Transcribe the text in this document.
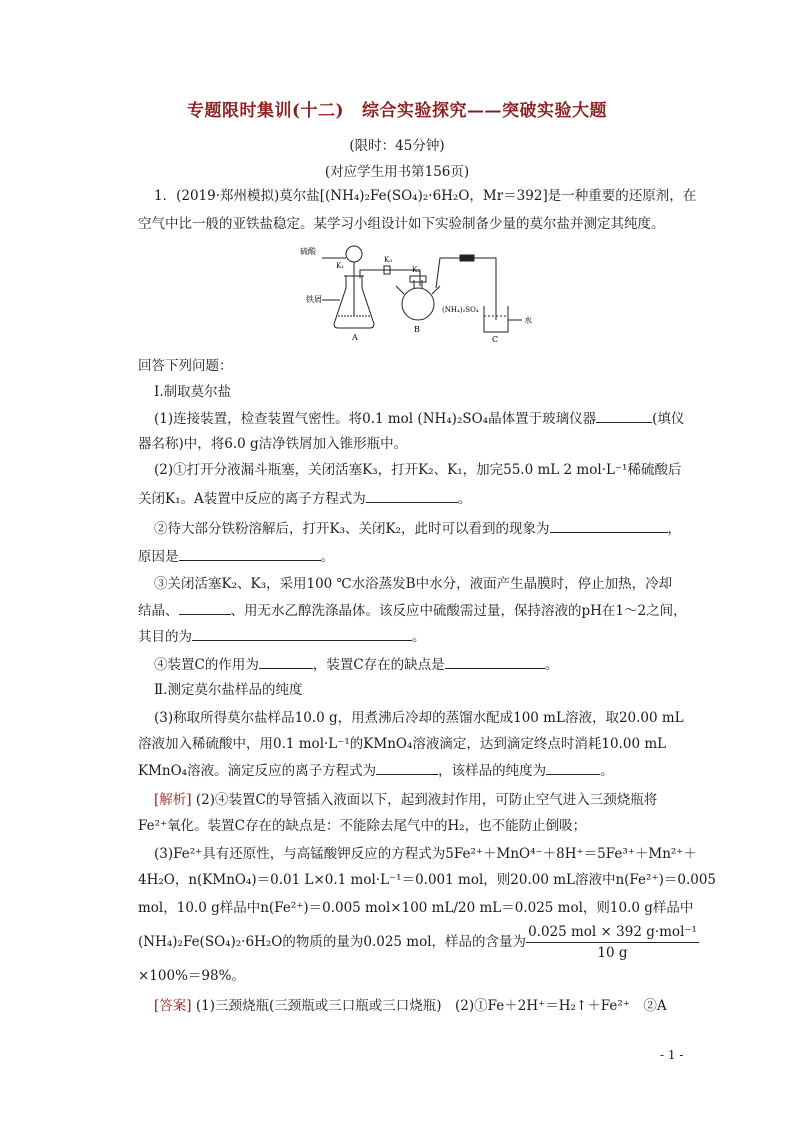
专题限时集训(十二) 综合实验探究——突破实验大题
(限时：45分钟)
(对应学生用书第156页)
1．(2019·郑州模拟)莫尔盐[(NH₄)₂Fe(SO₄)₂·6H₂O，Mr＝392]是一种重要的还原剂，在
空气中比一般的亚铁盐稳定。某学习小组设计如下实验制备少量的莫尔盐并测定其纯度。
硫酸
K₁
K₃
K₂
铁屑
(NH₄)₂SO₄
水
A
B
C
回答下列问题：
Ⅰ.制取莫尔盐
(1)连接装置，检查装置气密性。将0.1 mol (NH₄)₂SO₄晶体置于玻璃仪器	(填仪
器名称)中，将6.0 g洁净铁屑加入锥形瓶中。
(2)①打开分液漏斗瓶塞，关闭活塞K₃，打开K₂、K₁，加完55.0 mL 2 mol·L⁻¹稀硫酸后
关闭K₁。A装置中反应的离子方程式为	。
②待大部分铁粉溶解后，打开K₃、关闭K₂，此时可以看到的现象为	，
原因是	。
③关闭活塞K₂、K₃，采用100 ℃水浴蒸发B中水分，液面产生晶膜时，停止加热，冷却
结晶、	、用无水乙醇洗涤晶体。该反应中硫酸需过量，保持溶液的pH在1～2之间，
其目的为	。
④装置C的作用为	，装置C存在的缺点是	。
Ⅱ.测定莫尔盐样品的纯度
(3)称取所得莫尔盐样品10.0 g，用煮沸后冷却的蒸馏水配成100 mL溶液，取20.00 mL
溶液加入稀硫酸中，用0.1 mol·L⁻¹的KMnO₄溶液滴定，达到滴定终点时消耗10.00 mL
KMnO₄溶液。滴定反应的离子方程式为	，该样品的纯度为	。
[解析] (2)④装置C的导管插入液面以下，起到液封作用，可防止空气进入三颈烧瓶将
Fe²⁺氧化。装置C存在的缺点是：不能除去尾气中的H₂，也不能防止倒吸；
(3)Fe²⁺具有还原性，与高锰酸钾反应的方程式为5Fe²⁺＋MnO⁴⁻＋8H⁺＝5Fe³⁺＋Mn²⁺＋
4H₂O，n(KMnO₄)＝0.01 L×0.1 mol·L⁻¹＝0.001 mol，则20.00 mL溶液中n(Fe²⁺)＝0.005
mol，10.0 g样品中n(Fe²⁺)＝0.005 mol×100 mL/20 mL＝0.025 mol，则10.0 g样品中
(NH₄)₂Fe(SO₄)₂·6H₂O的物质的量为0.025 mol，样品的含量为 $\frac{\text{0.025 mol × 392 g·mol⁻¹}}{10 g}$
×100%＝98%。
[答案] (1)三颈烧瓶(三颈瓶或三口瓶或三口烧瓶)　(2)①Fe＋2H⁺＝H₂↑＋Fe²⁺　②A
- 1 -
